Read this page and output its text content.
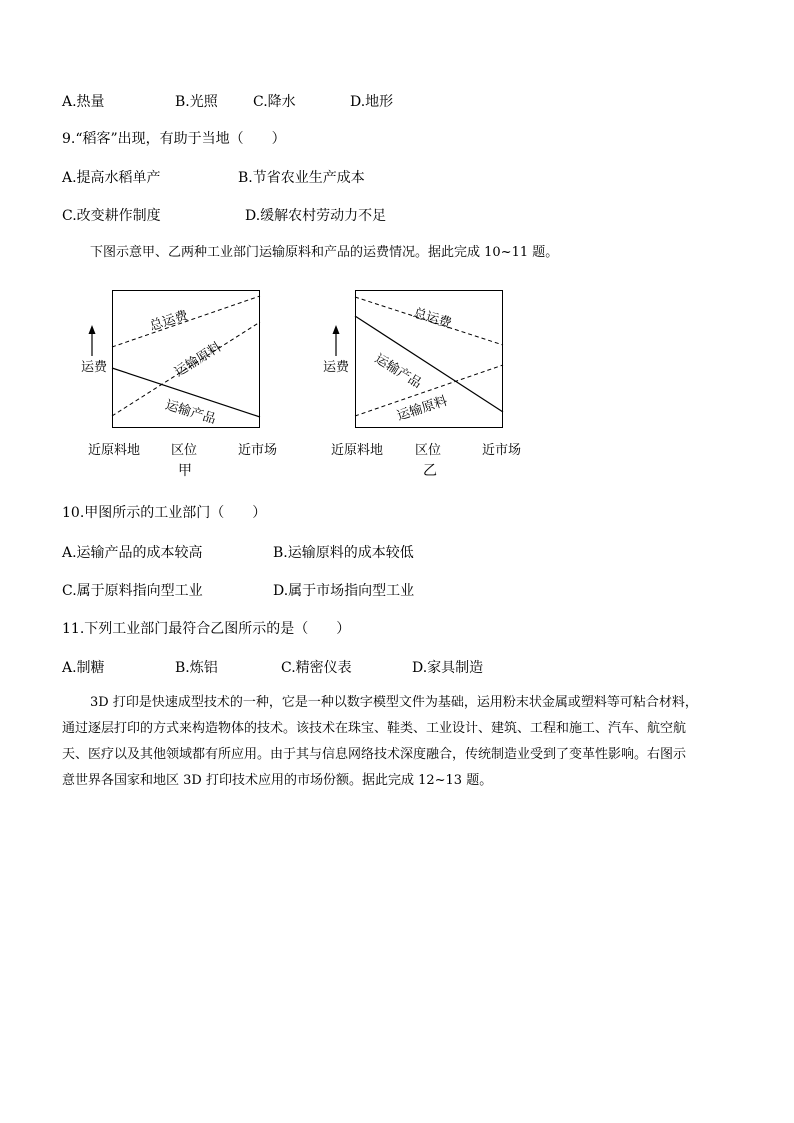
A.热量	B.光照	C.降水	D.地形
9.“稻客”出现，有助于当地（　　）
A.提高水稻单产	B.节省农业生产成本
C.改变耕作制度	D.缓解农村劳动力不足
下图示意甲、乙两种工业部门运输原料和产品的运费情况。据此完成 10~11 题。
运费
总运费
运输原料
运输产品
近原料地 区位	近市场
甲
运费
总运费
运输产品
运输原料
近原料地 区位	近市场
乙
10.甲图所示的工业部门（　　）
A.运输产品的成本较高	B.运输原料的成本较低
C.属于原料指向型工业	D.属于市场指向型工业
11.下列工业部门最符合乙图所示的是（　　）
A.制糖	B.炼铝	C.精密仪表	D.家具制造
3D 打印是快速成型技术的一种，它是一种以数字模型文件为基础，运用粉末状金属或塑料等可粘合材料，
通过逐层打印的方式来构造物体的技术。该技术在珠宝、鞋类、工业设计、建筑、工程和施工、汽车、航空航
天、医疗以及其他领域都有所应用。由于其与信息网络技术深度融合，传统制造业受到了变革性影响。右图示
意世界各国家和地区 3D 打印技术应用的市场份额。据此完成 12~13 题。
